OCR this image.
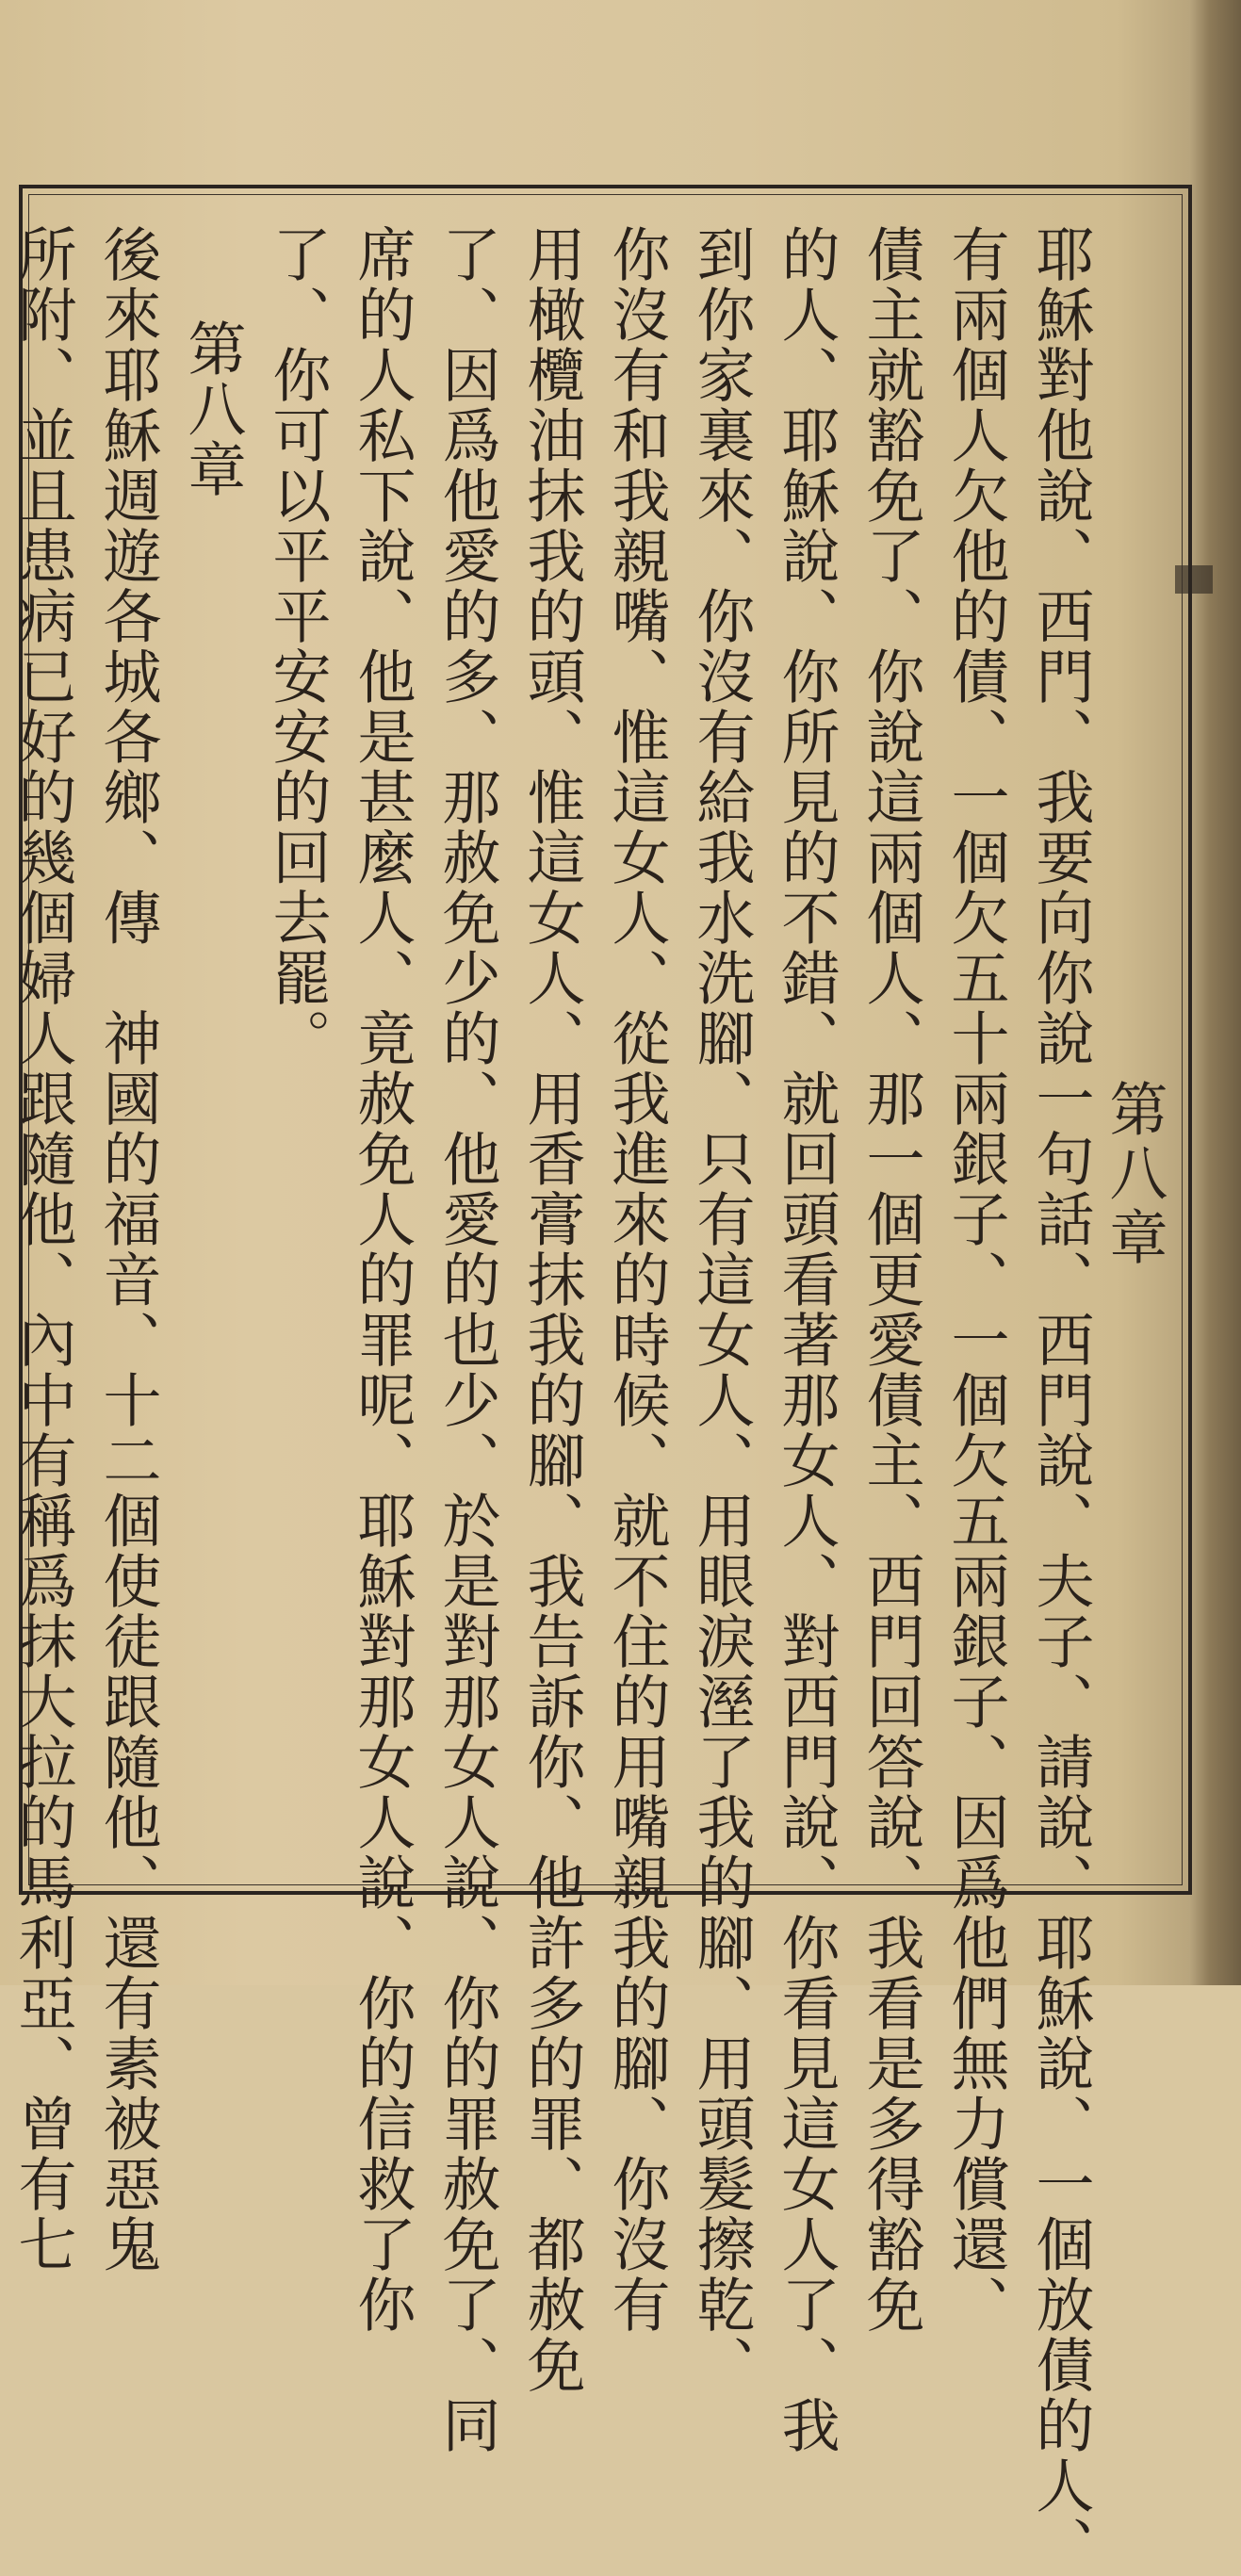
第八章
耶穌對他說、西門、我要向你說一句話、西門說、夫子、請說、耶穌說、一個放債的人、
有兩個人欠他的債、一個欠五十兩銀子、一個欠五兩銀子、因爲他們無力償還、
債主就豁免了、你說這兩個人、那一個更愛債主、西門回答說、我看是多得豁免
的人、耶穌說、你所見的不錯、就回頭看著那女人、對西門說、你看見這女人了、我
到你家裏來、你沒有給我水洗腳、只有這女人、用眼淚溼了我的腳、用頭髮擦乾、
你沒有和我親嘴、惟這女人、從我進來的時候、就不住的用嘴親我的腳、你沒有
用橄欖油抹我的頭、惟這女人、用香膏抹我的腳、我告訴你、他許多的罪、都赦免
了、因爲他愛的多、那赦免少的、他愛的也少、於是對那女人說、你的罪赦免了、同
席的人私下說、他是甚麼人、竟赦免人的罪呢、耶穌對那女人說、你的信救了你
了、你可以平平安安的回去罷。
第八章
後來耶穌週遊各城各鄉、傳　神國的福音、十二個使徒跟隨他、還有素被惡鬼
所附、並且患病已好的幾個婦人跟隨他、內中有稱爲抹大拉的馬利亞、曾有七
